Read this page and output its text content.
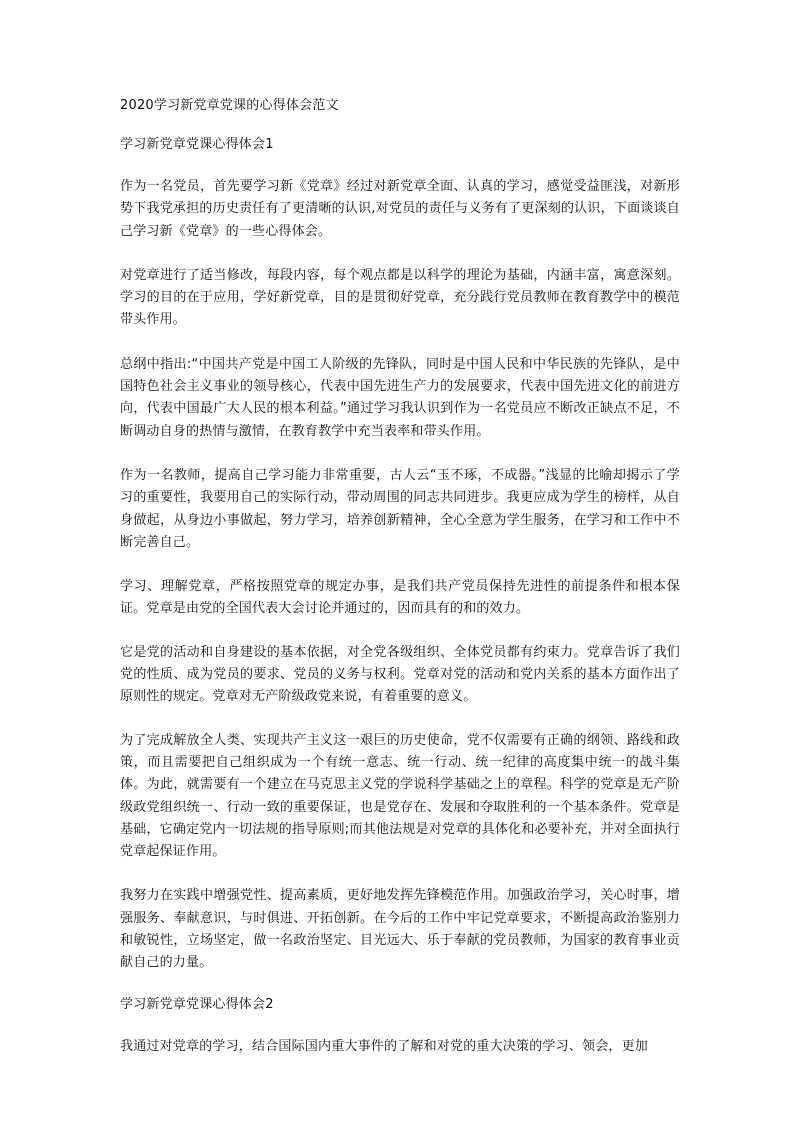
2020学习新党章党课的心得体会范文
学习新党章党课心得体会1

作为一名党员，首先要学习新《党章》经过对新党章全面、认真的学习，感觉受益匪浅，对新形势下我党承担的历史责任有了更清晰的认识,对党员的责任与义务有了更深刻的认识，下面谈谈自己学习新《党章》的一些心得体会。

对党章进行了适当修改，每段内容，每个观点都是以科学的理论为基础，内涵丰富，寓意深刻。学习的目的在于应用，学好新党章，目的是贯彻好党章，充分践行党员教师在教育教学中的模范带头作用。

总纲中指出:“中国共产党是中国工人阶级的先锋队，同时是中国人民和中华民族的先锋队，是中国特色社会主义事业的领导核心，代表中国先进生产力的发展要求，代表中国先进文化的前进方向，代表中国最广大人民的根本利益。”通过学习我认识到作为一名党员应不断改正缺点不足，不断调动自身的热情与激情，在教育教学中充当表率和带头作用。

作为一名教师，提高自己学习能力非常重要，古人云“玉不琢，不成器。”浅显的比喻却揭示了学习的重要性，我要用自己的实际行动，带动周围的同志共同进步。我更应成为学生的榜样，从自身做起，从身边小事做起，努力学习，培养创新精神，全心全意为学生服务，在学习和工作中不断完善自己。

学习、理解党章，严格按照党章的规定办事，是我们共产党员保持先进性的前提条件和根本保证。党章是由党的全国代表大会讨论并通过的，因而具有的和的效力。

它是党的活动和自身建设的基本依据，对全党各级组织、全体党员都有约束力。党章告诉了我们党的性质、成为党员的要求、党员的义务与权利。党章对党的活动和党内关系的基本方面作出了原则性的规定。党章对无产阶级政党来说，有着重要的意义。

为了完成解放全人类、实现共产主义这一艰巨的历史使命，党不仅需要有正确的纲领、路线和政策，而且需要把自己组织成为一个有统一意志、统一行动、统一纪律的高度集中统一的战斗集体。为此，就需要有一个建立在马克思主义党的学说科学基础之上的章程。科学的党章是无产阶级政党组织统一、行动一致的重要保证，也是党存在、发展和夺取胜利的一个基本条件。党章是基础，它确定党内一切法规的指导原则;而其他法规是对党章的具体化和必要补充，并对全面执行党章起保证作用。

我努力在实践中增强党性、提高素质，更好地发挥先锋模范作用。加强政治学习，关心时事，增强服务、奉献意识，与时俱进、开拓创新。在今后的工作中牢记党章要求，不断提高政治鉴别力和敏锐性，立场坚定，做一名政治坚定、目光远大、乐于奉献的党员教师，为国家的教育事业贡献自己的力量。

学习新党章党课心得体会2

我通过对党章的学习，结合国际国内重大事件的了解和对党的重大决策的学习、领会，更加
